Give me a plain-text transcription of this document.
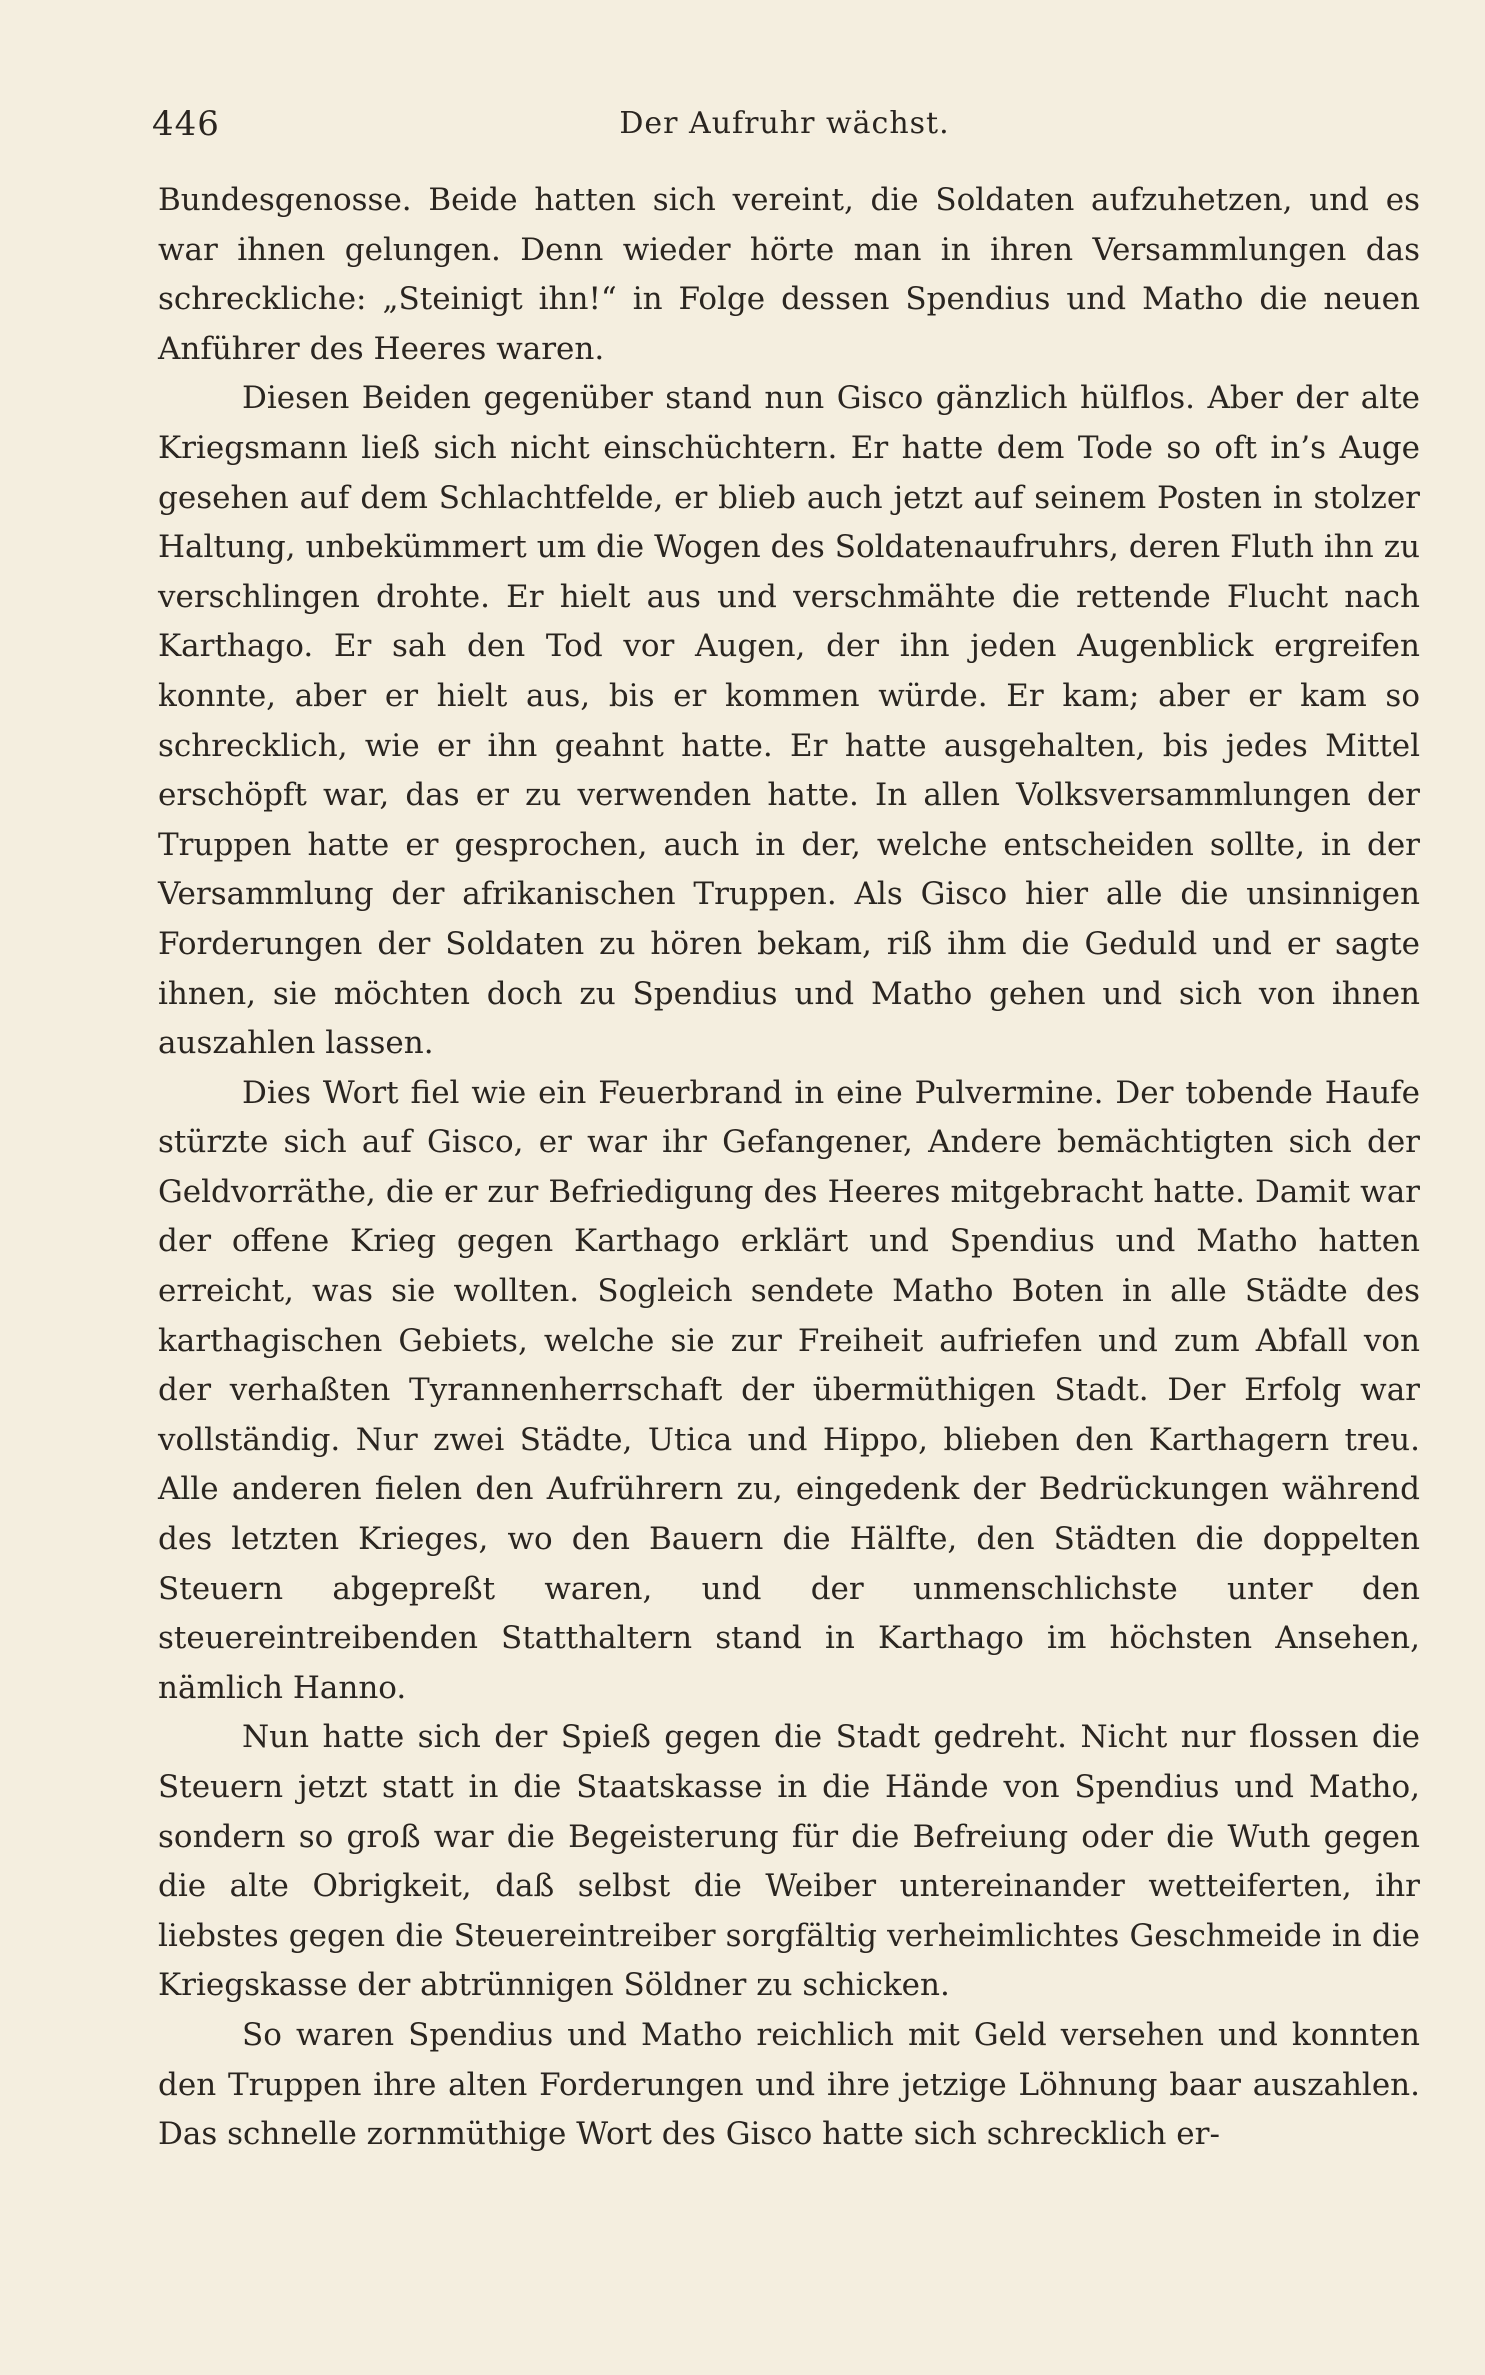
446	Der Aufruhr wächst.

Bundesgenosse. Beide hatten sich vereint, die Soldaten aufzuhetzen, und es war ihnen gelungen. Denn wieder hörte man in ihren Versammlungen das schreckliche: „Steinigt ihn!“ in Folge dessen Spendius und Matho die neuen Anführer des Heeres waren.

Diesen Beiden gegenüber stand nun Gisco gänzlich hülflos. Aber der alte Kriegsmann ließ sich nicht einschüchtern. Er hatte dem Tode so oft in’s Auge gesehen auf dem Schlachtfelde, er blieb auch jetzt auf seinem Posten in stolzer Haltung, unbekümmert um die Wogen des Soldatenaufruhrs, deren Fluth ihn zu verschlingen drohte. Er hielt aus und verschmähte die rettende Flucht nach Karthago. Er sah den Tod vor Augen, der ihn jeden Augenblick ergreifen konnte, aber er hielt aus, bis er kommen würde. Er kam; aber er kam so schrecklich, wie er ihn geahnt hatte. Er hatte ausgehalten, bis jedes Mittel erschöpft war, das er zu verwenden hatte. In allen Volksversammlungen der Truppen hatte er gesprochen, auch in der, welche entscheiden sollte, in der Versammlung der afrikanischen Truppen. Als Gisco hier alle die unsinnigen Forderungen der Soldaten zu hören bekam, riß ihm die Geduld und er sagte ihnen, sie möchten doch zu Spendius und Matho gehen und sich von ihnen auszahlen lassen.

Dies Wort fiel wie ein Feuerbrand in eine Pulvermine. Der tobende Haufe stürzte sich auf Gisco, er war ihr Gefangener, Andere bemächtigten sich der Geldvorräthe, die er zur Befriedigung des Heeres mitgebracht hatte. Damit war der offene Krieg gegen Karthago erklärt und Spendius und Matho hatten erreicht, was sie wollten. Sogleich sendete Matho Boten in alle Städte des karthagischen Gebiets, welche sie zur Freiheit aufriefen und zum Abfall von der verhaßten Tyrannenherrschaft der übermüthigen Stadt. Der Erfolg war vollständig. Nur zwei Städte, Utica und Hippo, blieben den Karthagern treu. Alle anderen fielen den Aufrührern zu, eingedenk der Bedrückungen während des letzten Krieges, wo den Bauern die Hälfte, den Städten die doppelten Steuern abgepreßt waren, und der unmenschlichste unter den steuereintreibenden Statthaltern stand in Karthago im höchsten Ansehen, nämlich Hanno.

Nun hatte sich der Spieß gegen die Stadt gedreht. Nicht nur flossen die Steuern jetzt statt in die Staatskasse in die Hände von Spendius und Matho, sondern so groß war die Begeisterung für die Befreiung oder die Wuth gegen die alte Obrigkeit, daß selbst die Weiber untereinander wetteiferten, ihr liebstes gegen die Steuereintreiber sorgfältig verheimlichtes Geschmeide in die Kriegskasse der abtrünnigen Söldner zu schicken.

So waren Spendius und Matho reichlich mit Geld versehen und konnten den Truppen ihre alten Forderungen und ihre jetzige Löhnung baar auszahlen. Das schnelle zornmüthige Wort des Gisco hatte sich schrecklich er-
